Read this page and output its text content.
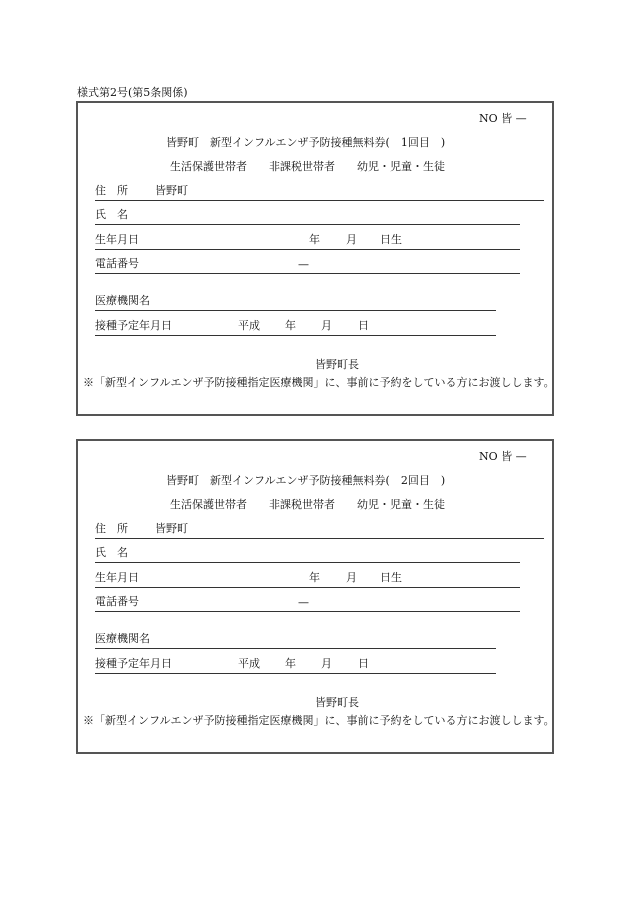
様式第2号(第5条関係)
NO 皆 —
皆野町　新型インフルエンザ予防接種無料券(　1回目　)
生活保護世帯者　　非課税世帯者　　幼児・児童・生徒
住　所 皆野町
氏　名
生年月日	年 月 日生
電話番号	—
医療機関名
接種予定年月日	平成 年 月 日
皆野町長
※「新型インフルエンザ予防接種指定医療機関」に、事前に予約をしている方にお渡しします。
NO 皆 —
皆野町　新型インフルエンザ予防接種無料券(　2回目　)
生活保護世帯者　　非課税世帯者　　幼児・児童・生徒
住　所 皆野町
氏　名
生年月日	年 月 日生
電話番号	—
医療機関名
接種予定年月日	平成 年 月 日
皆野町長
※「新型インフルエンザ予防接種指定医療機関」に、事前に予約をしている方にお渡しします。
